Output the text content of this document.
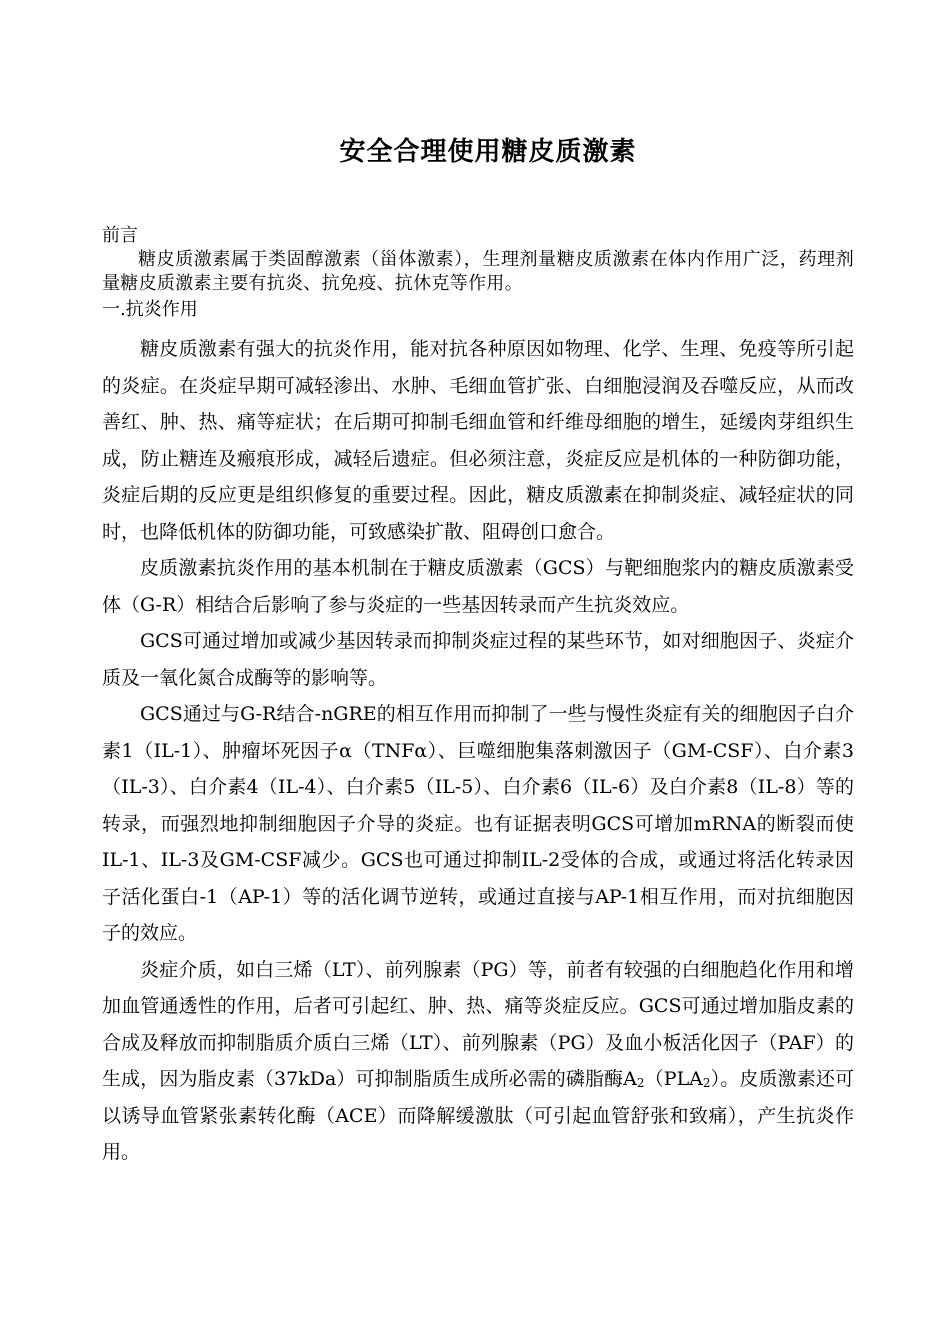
安全合理使用糖皮质激素

前言

糖皮质激素属于类固醇激素（甾体激素），生理剂量糖皮质激素在体内作用广泛，药理剂量糖皮质激素主要有抗炎、抗免疫、抗休克等作用。

一.抗炎作用

糖皮质激素有强大的抗炎作用，能对抗各种原因如物理、化学、生理、免疫等所引起的炎症。在炎症早期可减轻渗出、水肿、毛细血管扩张、白细胞浸润及吞噬反应，从而改善红、肿、热、痛等症状；在后期可抑制毛细血管和纤维母细胞的增生，延缓肉芽组织生成，防止糖连及瘢痕形成，减轻后遗症。但必须注意，炎症反应是机体的一种防御功能，炎症后期的反应更是组织修复的重要过程。因此，糖皮质激素在抑制炎症、减轻症状的同时，也降低机体的防御功能，可致感染扩散、阻碍创口愈合。

皮质激素抗炎作用的基本机制在于糖皮质激素（GCS）与靶细胞浆内的糖皮质激素受体（G-R）相结合后影响了参与炎症的一些基因转录而产生抗炎效应。

GCS可通过增加或减少基因转录而抑制炎症过程的某些环节，如对细胞因子、炎症介质及一氧化氮合成酶等的影响等。

GCS通过与G-R结合-nGRE的相互作用而抑制了一些与慢性炎症有关的细胞因子白介素1（IL-1）、肿瘤坏死因子α（TNFα）、巨噬细胞集落刺激因子（GM-CSF）、白介素3（IL-3）、白介素4（IL-4）、白介素5（IL-5）、白介素6（IL-6）及白介素8（IL-8）等的转录，而强烈地抑制细胞因子介导的炎症。也有证据表明GCS可增加mRNA的断裂而使IL-1、IL-3及GM-CSF减少。GCS也可通过抑制IL-2受体的合成，或通过将活化转录因子活化蛋白-1（AP-1）等的活化调节逆转，或通过直接与AP-1相互作用，而对抗细胞因子的效应。

炎症介质，如白三烯（LT）、前列腺素（PG）等，前者有较强的白细胞趋化作用和增加血管通透性的作用，后者可引起红、肿、热、痛等炎症反应。GCS可通过增加脂皮素的合成及释放而抑制脂质介质白三烯（LT）、前列腺素（PG）及血小板活化因子（PAF）的生成，因为脂皮素（37kDa）可抑制脂质生成所必需的磷脂酶A2（PLA2）。皮质激素还可以诱导血管紧张素转化酶（ACE）而降解缓激肽（可引起血管舒张和致痛），产生抗炎作用。
